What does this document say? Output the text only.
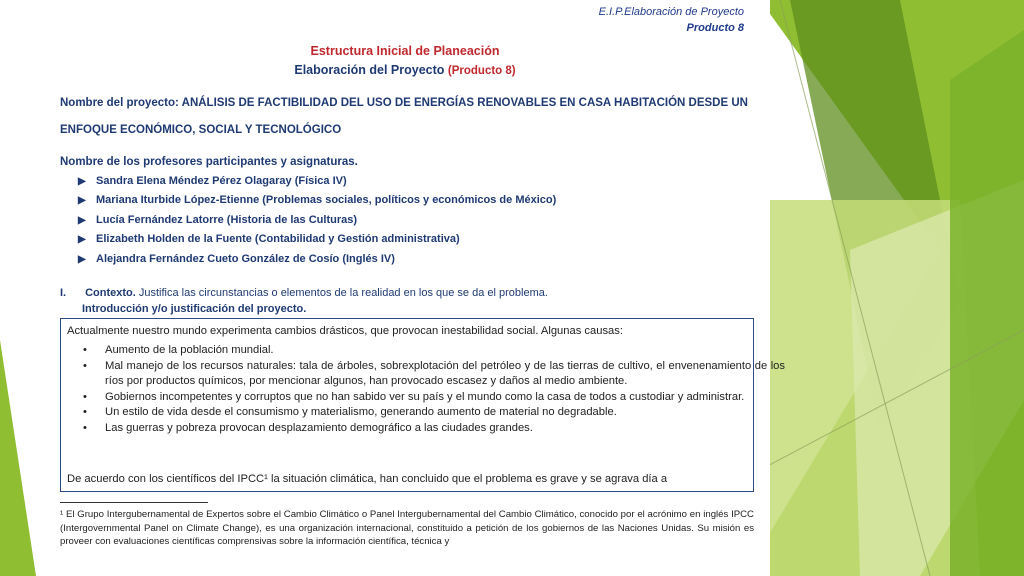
E.I.P.Elaboración de Proyecto
Producto 8
Estructura Inicial de Planeación
Elaboración del Proyecto (Producto 8)
Nombre del proyecto: ANÁLISIS DE FACTIBILIDAD DEL USO DE ENERGÍAS RENOVABLES EN CASA HABITACIÓN DESDE UN
ENFOQUE ECONÓMICO, SOCIAL Y TECNOLÓGICO
Nombre de los profesores participantes y asignaturas.
▶ Sandra Elena Méndez Pérez Olagaray (Física IV)
▶ Mariana Iturbide López-Etienne (Problemas sociales, políticos y económicos de México)
▶ Lucía Fernández Latorre (Historia de las Culturas)
▶ Elizabeth Holden de la Fuente (Contabilidad y Gestión administrativa)
▶ Alejandra Fernández Cueto González de Cosío (Inglés IV)
I. Contexto. Justifica las circunstancias o elementos de la realidad en los que se da el problema.
Introducción y/o justificación del proyecto.

Actualmente nuestro mundo experimenta cambios drásticos, que provocan inestabilidad social. Algunas causas:

• Aumento de la población mundial.
• Mal manejo de los recursos naturales: tala de árboles, sobrexplotación del petróleo y de las tierras de cultivo, el envenenamiento de los ríos por productos químicos, por mencionar algunos, han provocado escasez y daños al medio ambiente.
• Gobiernos incompetentes y corruptos que no han sabido ver su país y el mundo como la casa de todos a custodiar y administrar.
• Un estilo de vida desde el consumismo y materialismo, generando aumento de material no degradable.
• Las guerras y pobreza provocan desplazamiento demográfico a las ciudades grandes.

De acuerdo con los científicos del IPCC¹ la situación climática, han concluido que el problema es grave y se agrava día a

¹ El Grupo Intergubernamental de Expertos sobre el Cambio Climático o Panel Intergubernamental del Cambio Climático, conocido por el acrónimo en inglés IPCC (Intergovernmental Panel on Climate Change), es una organización internacional, constituido a petición de los gobiernos de las Naciones Unidas. Su misión es proveer con evaluaciones científicas comprensivas sobre la información científica, técnica y
